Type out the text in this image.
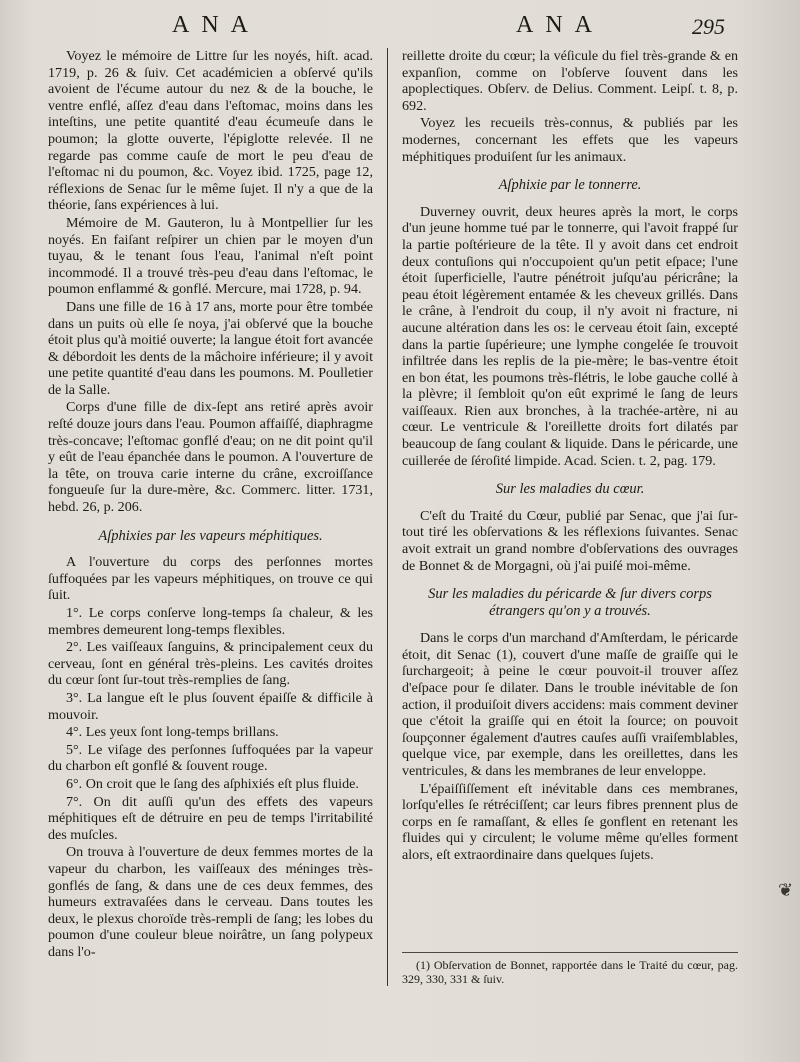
ANA	ANA	295

Voyez le mémoire de Littre ſur les noyés, hiſt. acad. 1719, p. 26 & ſuiv. Cet académicien a obſervé qu'ils avoient de l'écume autour du nez & de la bouche, le ventre enflé, aſſez d'eau dans l'eſtomac, moins dans les inteſtins, une petite quantité d'eau écumeuſe dans le poumon; la glotte ouverte, l'épiglotte relevée. Il ne regarde pas comme cauſe de mort le peu d'eau de l'eſtomac ni du poumon, &c. Voyez ibid. 1725, page 12, réflexions de Senac ſur le même ſujet. Il n'y a que de la théorie, ſans expériences à lui.

Mémoire de M. Gauteron, lu à Montpellier ſur les noyés. En faiſant reſpirer un chien par le moyen d'un tuyau, & le tenant ſous l'eau, l'animal n'eſt point incommodé. Il a trouvé très-peu d'eau dans l'eſtomac, le poumon enflammé & gonflé. Mercure, mai 1728, p. 94.

Dans une fille de 16 à 17 ans, morte pour être tombée dans un puits où elle ſe noya, j'ai obſervé que la bouche étoit plus qu'à moitié ouverte; la langue étoit fort avancée & débordoit les dents de la mâchoire inférieure; il y avoit une petite quantité d'eau dans les poumons. M. Poulletier de la Salle.

Corps d'une fille de dix-ſept ans retiré après avoir reſté douze jours dans l'eau. Poumon affaiſſé, diaphragme très-concave; l'eſtomac gonflé d'eau; on ne dit point qu'il y eût de l'eau épanchée dans le poumon. A l'ouverture de la tête, on trouva carie interne du crâne, excroiſſance fongueuſe ſur la dure-mère, &c. Commerc. litter. 1731, hebd. 26, p. 206.

Aſphixies par les vapeurs méphitiques.

A l'ouverture du corps des perſonnes mortes ſuffoquées par les vapeurs méphitiques, on trouve ce qui ſuit.

1°. Le corps conſerve long-temps ſa chaleur, & les membres demeurent long-temps flexibles.

2°. Les vaiſſeaux ſanguins, & principalement ceux du cerveau, ſont en général très-pleins. Les cavités droites du cœur ſont ſur-tout très-remplies de ſang.

3°. La langue eſt le plus ſouvent épaiſſe & difficile à mouvoir.

4°. Les yeux ſont long-temps brillans.

5°. Le viſage des perſonnes ſuffoquées par la vapeur du charbon eſt gonflé & ſouvent rouge.

6°. On croit que le ſang des aſphixiés eſt plus fluide.

7°. On dit auſſi qu'un des effets des vapeurs méphitiques eſt de détruire en peu de temps l'irritabilité des muſcles.

On trouva à l'ouverture de deux femmes mortes de la vapeur du charbon, les vaiſſeaux des méninges très-gonflés de ſang, & dans une de ces deux femmes, des humeurs extravaſées dans le cerveau. Dans toutes les deux, le plexus choroïde très-rempli de ſang; les lobes du poumon d'une couleur bleue noirâtre, un ſang polypeux dans l'o-

reillette droite du cœur; la véſicule du fiel très-grande & en expanſion, comme on l'obſerve ſouvent dans les apoplectiques. Obſerv. de Delius. Comment. Leipſ. t. 8, p. 692.

Voyez les recueils très-connus, & publiés par les modernes, concernant les effets que les vapeurs méphitiques produiſent ſur les animaux.

Aſphixie par le tonnerre.

Duverney ouvrit, deux heures après la mort, le corps d'un jeune homme tué par le tonnerre, qui l'avoit frappé ſur la partie poſtérieure de la tête. Il y avoit dans cet endroit deux contuſions qui n'occupoient qu'un petit eſpace; l'une étoit ſuperficielle, l'autre pénétroit juſqu'au péricrâne; la peau étoit légèrement entamée & les cheveux grillés. Dans le crâne, à l'endroit du coup, il n'y avoit ni fracture, ni aucune altération dans les os: le cerveau étoit ſain, excepté dans la partie ſupérieure; une lymphe congelée ſe trouvoit infiltrée dans les replis de la pie-mère; le bas-ventre étoit en bon état, les poumons très-flétris, le lobe gauche collé à la plèvre; il ſembloit qu'on eût exprimé le ſang de leurs vaiſſeaux. Rien aux bronches, à la trachée-artère, ni au cœur. Le ventricule & l'oreillette droits fort dilatés par beaucoup de ſang coulant & liquide. Dans le péricarde, une cuillerée de ſéroſité limpide. Acad. Scien. t. 2, pag. 179.

Sur les maladies du cœur.

C'eſt du Traité du Cœur, publié par Senac, que j'ai ſur-tout tiré les obſervations & les réflexions ſuivantes. Senac avoit extrait un grand nombre d'obſervations des ouvrages de Bonnet & de Morgagni, où j'ai puiſé moi-même.

Sur les maladies du péricarde & ſur divers corps étrangers qu'on y a trouvés.

Dans le corps d'un marchand d'Amſterdam, le péricarde étoit, dit Senac (1), couvert d'une maſſe de graiſſe qui le ſurchargeoit; à peine le cœur pouvoit-il trouver aſſez d'eſpace pour ſe dilater. Dans le trouble inévitable de ſon action, il produiſoit divers accidens: mais comment deviner que c'étoit la graiſſe qui en étoit la ſource; on pouvoit ſoupçonner également d'autres cauſes auſſi vraiſemblables, quelque vice, par exemple, dans les oreillettes, dans les ventricules, & dans les membranes de leur enveloppe.

L'épaiſſiſſement eſt inévitable dans ces membranes, lorſqu'elles ſe rétréciſſent; car leurs fibres prennent plus de corps en ſe ramaſſant, & elles ſe gonflent en retenant les fluides qui y circulent; le volume même qu'elles forment alors, eſt extraordinaire dans quelques ſujets.

(1) Obſervation de Bonnet, rapportée dans le Traité du cœur, pag. 329, 330, 331 & ſuiv.
❦
